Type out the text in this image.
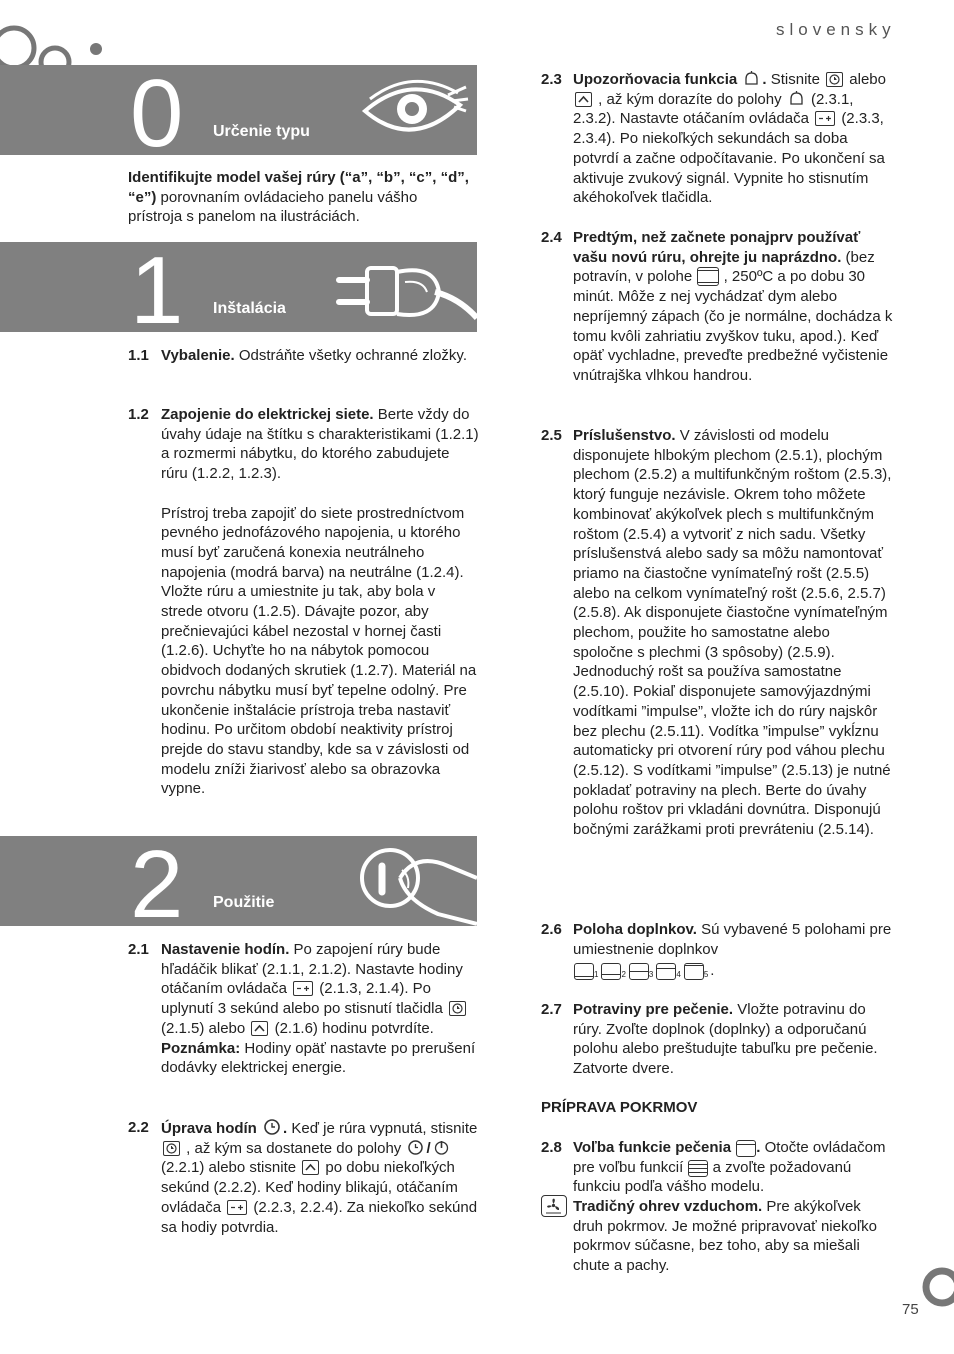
slovensky
0 Určenie typu
Identifikujte model vašej rúry (“a”, “b”, “c”, “d”, “e”) porovnaním ovládacieho panelu vášho prístroja s panelom na ilustráciách.
1 Inštalácia
1.1 Vybalenie. Odstráňte všetky ochranné zložky.
1.2 Zapojenie do elektrickej siete. Berte vždy do úvahy údaje na štítku s charakteristikami (1.2.1) a rozmermi nábytku, do ktorého zabudujete rúru (1.2.2, 1.2.3).
Prístroj treba zapojiť do siete prostredníctvom pevného jednofázového napojenia, u ktorého musí byť zaručená konexia neutrálneho napojenia (modrá barva) na neutrálne (1.2.4). Vložte rúru a umiestnite ju tak, aby bola v strede otvoru (1.2.5). Dávajte pozor, aby prečnievajúci kábel nezostal v hornej časti (1.2.6). Uchyťte ho na nábytok pomocou obidvoch dodaných skrutiek (1.2.7). Materiál na povrchu nábytku musí byť tepelne odolný. Pre ukončenie inštalácie prístroja treba nastaviť hodinu. Po určitom období neaktivity prístroj prejde do stavu standby, kde sa v závislosti od modelu zníži žiarivosť alebo sa obrazovka vypne.
2 Použitie
2.1 Nastavenie hodín. Po zapojení rúry bude hľadáčik blikať (2.1.1, 2.1.2). Nastavte hodiny otáčaním ovládača (2.1.3, 2.1.4). Po uplynutí 3 sekúnd alebo po stisnutí tlačidla
(2.1.5) alebo (2.1.6) hodinu potvrdíte.
Poznámka: Hodiny opäť nastavte po prerušení dodávky elektrickej energie.
2.2 Úprava hodín . Keď je rúra vypnutá, stisnite
, až kým sa dostanete do polohy / (2.2.1) alebo stisnite po dobu niekoľkých sekúnd (2.2.2). Keď hodiny blikajú, otáčaním ovládača (2.2.3, 2.2.4). Za niekoľko sekúnd sa hodiy potvrdia.
2.3 Upozorňovacia funkcia . Stisnite alebo
, až kým dorazíte do polohy (2.3.1, 2.3.2). Nastavte otáčaním ovládača (2.3.3, 2.3.4). Po niekoľkých sekundách sa doba potvrdí a začne odpočítavanie. Po ukončení sa aktivuje zvukový signál. Vypnite ho stisnutím akéhokoľvek tlačidla.
2.4 Predtým, než začnete ponajprv používať vašu novú rúru, ohrejte ju naprázdno. (bez potravín, v polohe , 250ºC a po dobu 30 minút. Môže z nej vychádzať dym alebo nepríjemný zápach (čo je normálne, dochádza k tomu kvôli zahriatiu zvyškov tuku, apod.). Keď opäť vychladne, preveďte predbežné vyčistenie vnútrajška vlhkou handrou.
2.5 Príslušenstvo. V závislosti od modelu disponujete hlbokým plechom (2.5.1), plochým plechom (2.5.2) a multifunkčným roštom (2.5.3), ktorý funguje nezávisle. Okrem toho môžete kombinovať akýkoľvek plech s multifunkčným roštom (2.5.4) a vytvoriť z nich sadu. Všetky príslušenstvá alebo sady sa môžu namontovať priamo na čiastočne vynímateľný rošt (2.5.5) alebo na celkom vynímateľný rošt (2.5.6, 2.5.7) (2.5.8). Ak disponujete čiastočne vynímateľným plechom, použite ho samostatne alebo spoločne s plechmi (3 spôsoby) (2.5.9). Jednoduchý rošt sa používa samostatne (2.5.10). Pokiaľ disponujete samovýjazdnými vodítkami ”impulse”, vložte ich do rúry najskôr bez plechu (2.5.11). Vodítka ”impulse” vykĺznu automaticky pri otvorení rúry pod váhou plechu (2.5.12). S vodítkami ”impulse” (2.5.13) je nutné pokladať potraviny na plech. Berte do úvahy polohu roštov pri vkladáni dovnútra. Disponujú bočnými zarážkami proti prevráteniu (2.5.14).
2.6 Poloha doplnkov. Sú vybavené 5 polohami pre umiestnenie doplnkov
$_1$	$_2$	$_3$	$_4$	$_5$ .
2.7 Potraviny pre pečenie. Vložte potravinu do rúry. Zvoľte doplnok (doplnky) a odporučanú polohu alebo preštudujte tabuľku pre pečenie. Zatvorte dvere.
PRÍPRAVA POKRMOV
2.8 Voľba funkcie pečenia . Otočte ovládačom pre voľbu funkcií a zvoľte požadovanú funkciu podľa vášho modelu.
Tradičný ohrev vzduchom. Pre akýkoľvek druh pokrmov. Je možné pripravovať niekoľko pokrmov súčasne, bez toho, aby sa miešali chute a pachy.
75
